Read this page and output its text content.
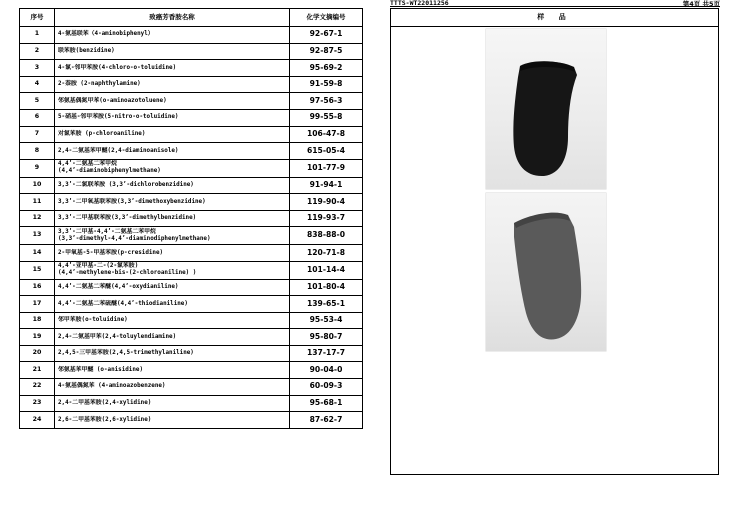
序号	致癌芳香胺名称	化学文摘编号
1	4-氨基联苯（4-aminobiphenyl）	92-67-1
2	联苯胺(benzidine)	92-87-5
3	4-氯-邻甲苯胺(4-chloro-o-toluidine)	95-69-2
4	2-萘胺 (2-naphthylamine)	91-59-8
5	邻氨基偶氮甲苯(o-aminoazotoluene)	97-56-3
6	5-硝基-邻甲苯胺(5-nitro-o-toluidine)	99-55-8
7	对氯苯胺 (p-chloroaniline)	106-47-8
8	2,4-二氨基苯甲醚(2,4-diaminoanisole)	615-05-4
9	4,4’-二氨基二苯甲烷
(4,4’-diaminobiphenylmethane)	101-77-9
10	3,3’-二氯联苯胺 (3,3’-dichlorobenzidine)	91-94-1
11	3,3’-二甲氧基联苯胺(3,3’-dimethoxybenzidine)	119-90-4
12	3,3’-二甲基联苯胺(3,3’-dimethylbenzidine)	119-93-7
13	3,3’-二甲基-4,4’-二氨基二苯甲烷
(3,3’-dimethyl-4,4’-diaminodiphenylmethane)	838-88-0
14	2-甲氧基-5-甲基苯胺(p-cresidine)	120-71-8
15	4,4’-亚甲基-二-(2-氯苯胺)
(4,4’-methylene-bis-(2-chloroaniline) )	101-14-4
16	4,4’-二氨基二苯醚(4,4’-oxydianiline)	101-80-4
17	4,4’-二氨基二苯硫醚(4,4’-thiodianiline)	139-65-1
18	邻甲苯胺(o-toluidine)	95-53-4
19	2,4-二氨基甲苯(2,4-toluylendiamine)	95-80-7
20	2,4,5-三甲基苯胺(2,4,5-trimethylaniline)	137-17-7
21	邻氨基苯甲醚 (o-anisidine)	90-04-0
22	4-氨基偶氮苯 (4-aminoazobenzene)	60-09-3
23	2,4-二甲基苯胺(2,4-xylidine)	95-68-1
24	2,6-二甲基苯胺(2,6-xylidine)	87-62-7
TTTS-WT22011256	第4页 共5页
样 品
